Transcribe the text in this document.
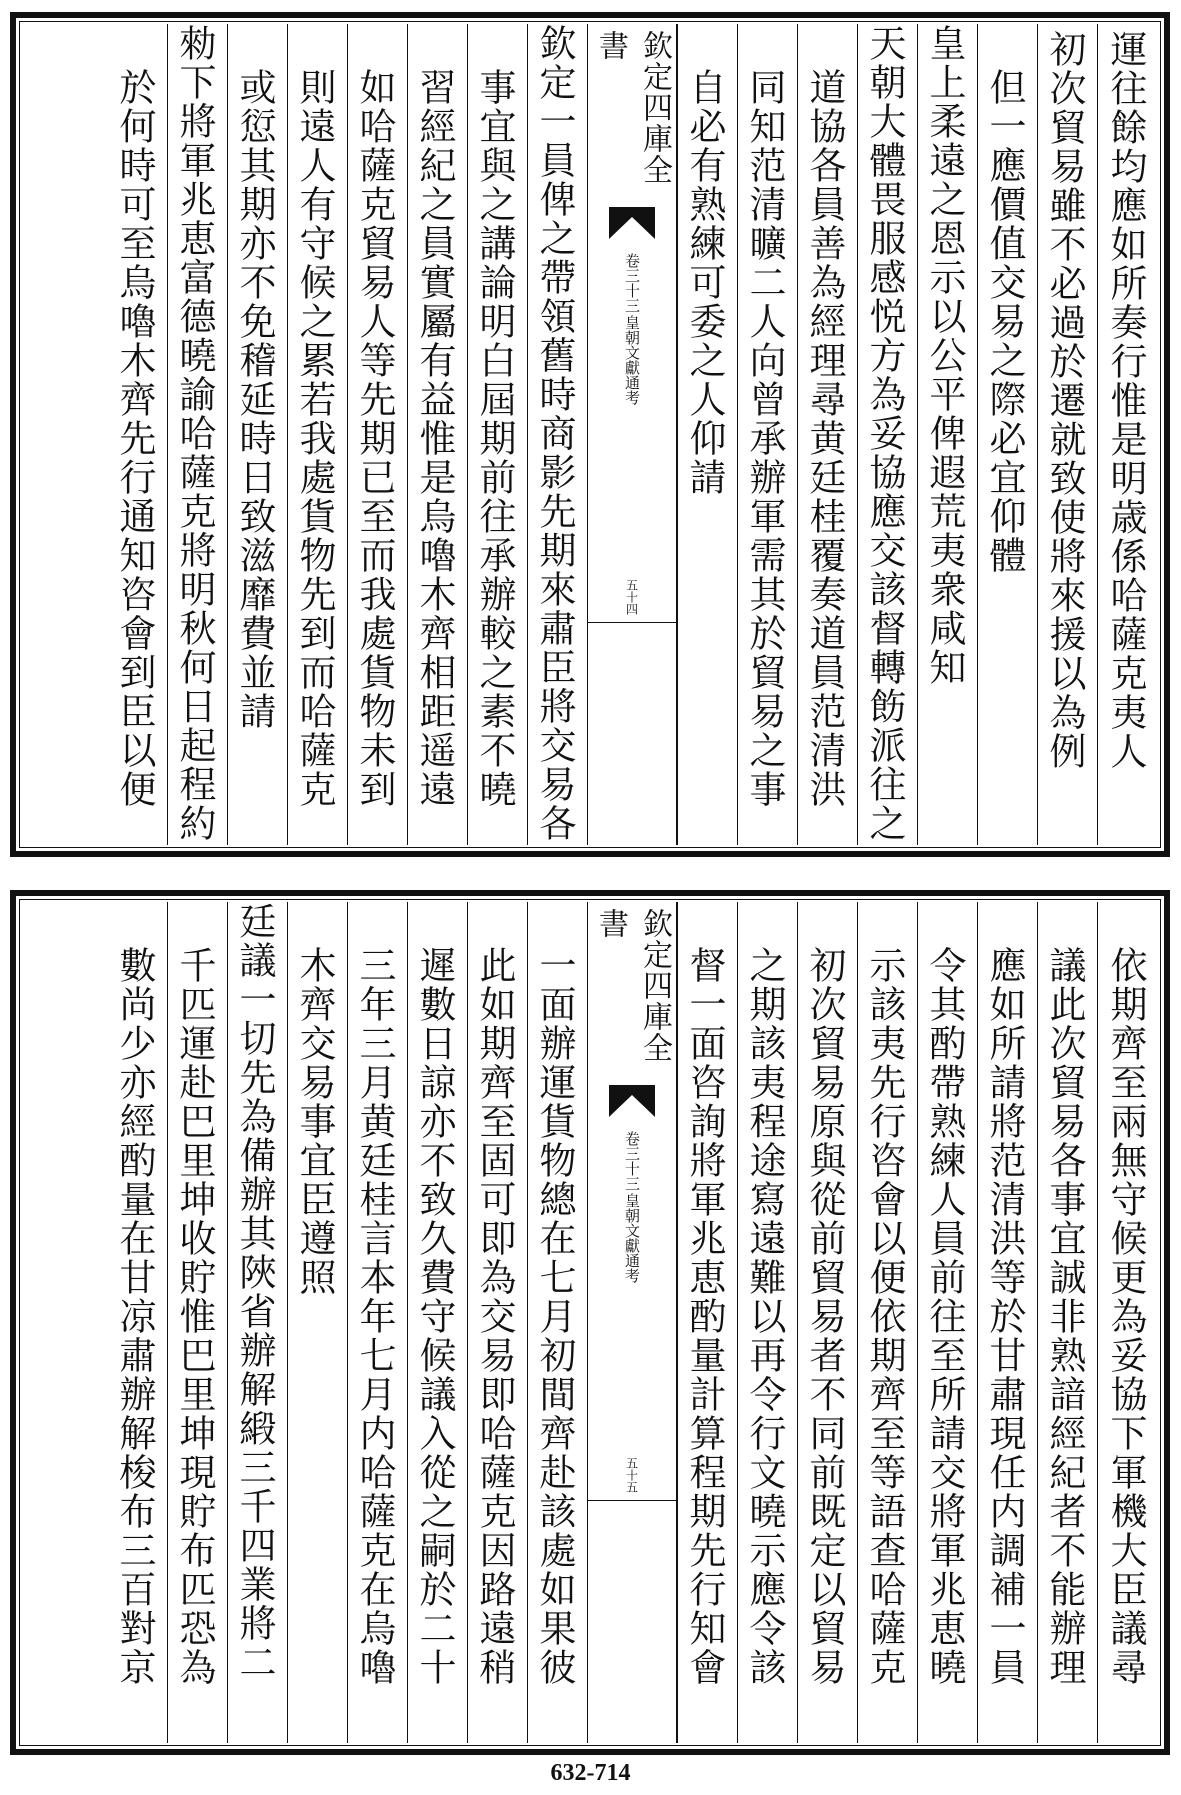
運往餘均應如所奏行惟是明歳係哈薩克夷人
初次貿易雖不必過於遷就致使將來援以為例
但一應價值交易之際必宜仰體
皇上柔遠之恩示以公平俾遐荒夷衆咸知
天朝大體畏服感悦方為妥協應交該督轉飭派往之
道協各員善為經理尋黄廷桂覆奏道員范清洪
同知范清曠二人向曾承辦軍需其於貿易之事
自必有熟練可委之人仰請
欽定四庫全書
皇朝文獻通考
卷三十三
五十四
欽定一員俾之帶領舊時商影先期來肅臣將交易各
事宜與之講論明白屆期前往承辦較之素不曉
習經紀之員實屬有益惟是烏嚕木齊相距遥遠
如哈薩克貿易人等先期已至而我處貨物未到
則遠人有守候之累若我處貨物先到而哈薩克
或愆其期亦不免稽延時日致滋靡費並請
勑下將軍兆恵富德曉諭哈薩克將明秋何日起程約
於何時可至烏嚕木齊先行通知咨會到臣以便
依期齊至兩無守候更為妥協下軍機大臣議尋
議此次貿易各事宜誠非熟諳經紀者不能辦理
應如所請將范清洪等於甘肅現任内調補一員
令其酌帶熟練人員前往至所請交將軍兆恵曉
示該夷先行咨會以便依期齊至等語查哈薩克
初次貿易原與從前貿易者不同前既定以貿易
之期該夷程途寫遠難以再令行文曉示應令該
督一面咨詢將軍兆恵酌量計算程期先行知會
欽定四庫全書
皇朝文獻通考
卷三十三
五十五
一面辦運貨物總在七月初間齊赴該處如果彼
此如期齊至固可即為交易即哈薩克因路遠稍
遲數日諒亦不致久費守候議入從之嗣於二十
三年三月黄廷桂言本年七月内哈薩克在烏嚕
木齊交易事宜臣遵照
廷議一切先為備辦其陜省辦解緞三千四業將二
千匹運赴巴里坤收貯惟巴里坤現貯布匹恐為
數尚少亦經酌量在甘凉肅辦解梭布三百對京
632-714
